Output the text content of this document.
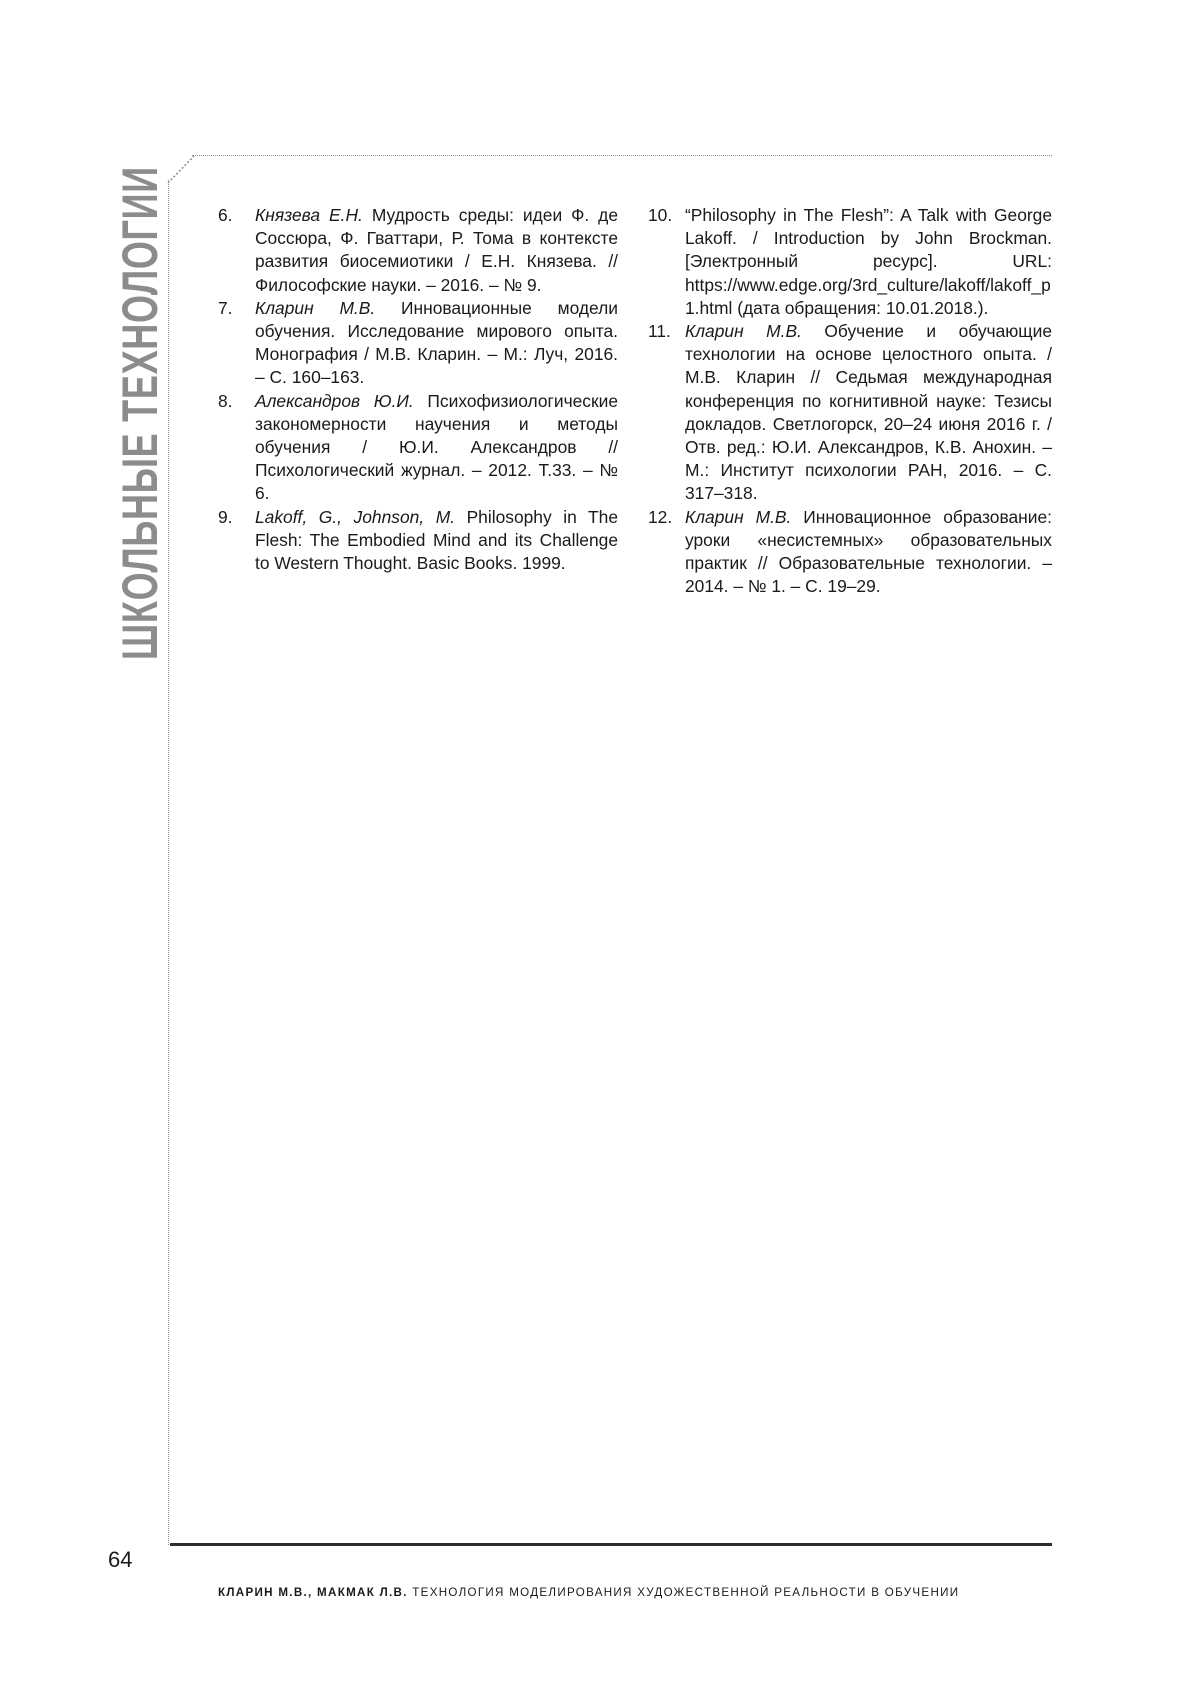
ШКОЛЬНЫЕ ТЕХНОЛОГИИ	6.	Князева Е.Н. Мудрость среды: идеи Ф. де Соссюра, Ф. Гваттари, Р. Тома в контексте развития биосемиотики / Е.Н. Князева. // Философские науки. – 2016. – № 9.
7.	Кларин М.В. Инновационные модели обучения. Исследование мирового опыта. Монография / М.В. Кларин. – М.: Луч, 2016. – С. 160–163.
8.	Александров Ю.И. Психофизиологические закономерности научения и методы обучения / Ю.И. Александров // Психологический журнал. – 2012. Т.33. – № 6.
9.	Lakoff, G., Johnson, M. Philosophy in The Flesh: The Embodied Mind and its Challenge to Western Thought. Basic Books. 1999.
10. “Philosophy in The Flesh”: A Talk with George Lakoff. / Introduction by John Brockman. [Электронный ресурс]. URL: https://www.edge.org/3rd_culture/lakoff/lakoff_p1.html (дата обращения: 10.01.2018.).
11. Кларин М.В. Обучение и обучающие технологии на основе целостного опыта. /М.В. Кларин // Седьмая международная конференция по когнитивной науке: Тезисы докладов. Светлогорск, 20–24 июня 2016 г. / Отв. ред.: Ю.И. Александров, К.В. Анохин. – М.: Институт психологии РАН, 2016. – С. 317–318.
12. Кларин М.В. Инновационное образование: уроки «несистемных» образовательных практик // Образовательные технологии. – 2014. – № 1. – С. 19–29.
64
КЛАРИН М.В., МАКМАК Л.В. ТЕХНОЛОГИЯ МОДЕЛИРОВАНИЯ ХУДОЖЕСТВЕННОЙ РЕАЛЬНОСТИ В ОБУЧЕНИИ
